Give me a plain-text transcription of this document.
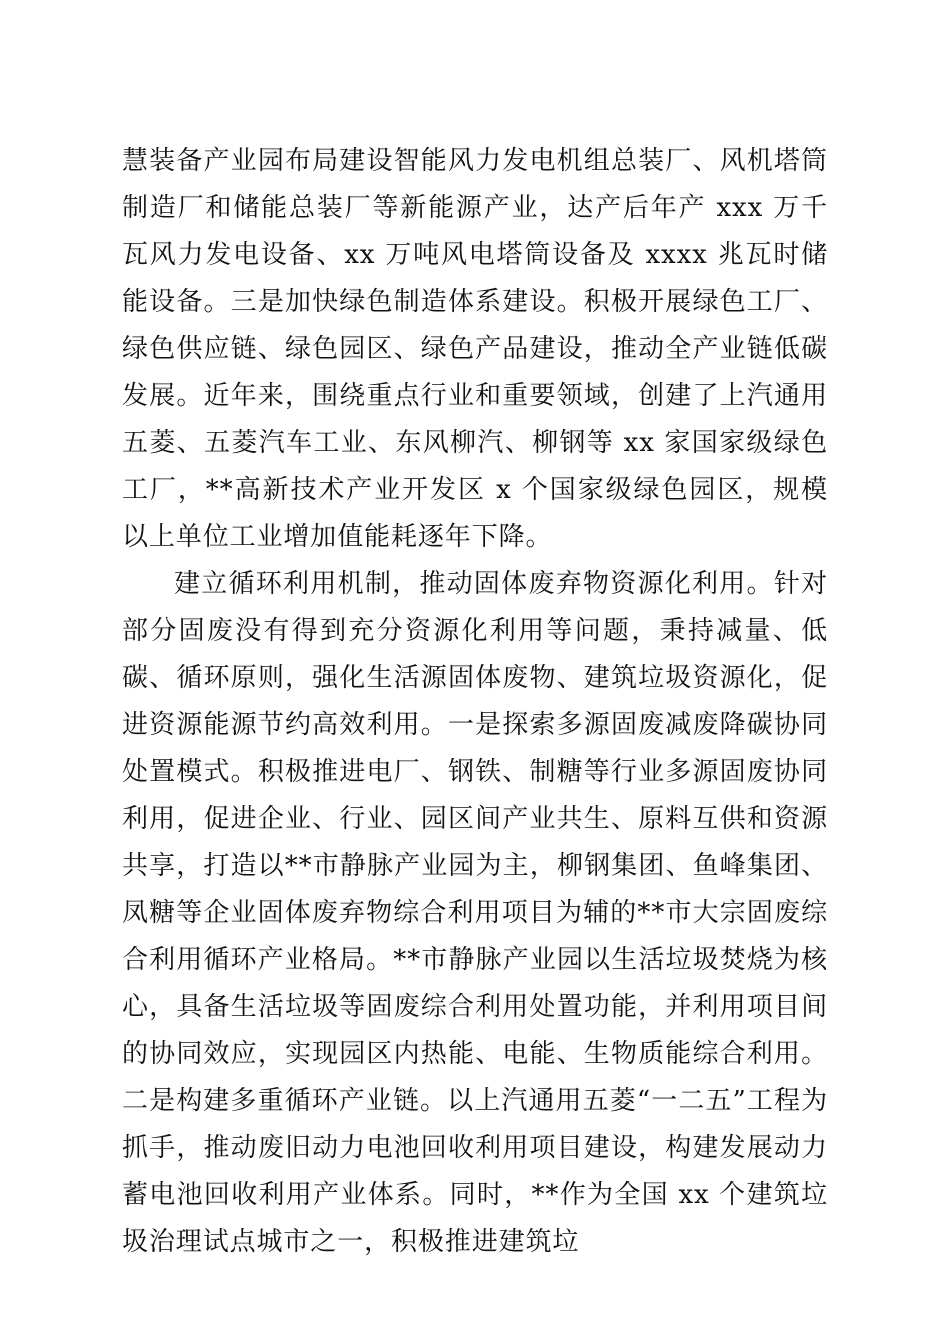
慧装备产业园布局建设智能风力发电机组总装厂、风机塔筒制造厂和储能总装厂等新能源产业，达产后年产 xxx 万千瓦风力发电设备、xx 万吨风电塔筒设备及 xxxx 兆瓦时储能设备。三是加快绿色制造体系建设。积极开展绿色工厂、绿色供应链、绿色园区、绿色产品建设，推动全产业链低碳发展。近年来，围绕重点行业和重要领域，创建了上汽通用五菱、五菱汽车工业、东风柳汽、柳钢等 xx 家国家级绿色工厂，**高新技术产业开发区 x 个国家级绿色园区，规模以上单位工业增加值能耗逐年下降。

建立循环利用机制，推动固体废弃物资源化利用。针对部分固废没有得到充分资源化利用等问题，秉持减量、低碳、循环原则，强化生活源固体废物、建筑垃圾资源化，促进资源能源节约高效利用。一是探索多源固废减废降碳协同处置模式。积极推进电厂、钢铁、制糖等行业多源固废协同利用，促进企业、行业、园区间产业共生、原料互供和资源共享，打造以**市静脉产业园为主，柳钢集团、鱼峰集团、凤糖等企业固体废弃物综合利用项目为辅的**市大宗固废综合利用循环产业格局。**市静脉产业园以生活垃圾焚烧为核心，具备生活垃圾等固废综合利用处置功能，并利用项目间的协同效应，实现园区内热能、电能、生物质能综合利用。二是构建多重循环产业链。以上汽通用五菱“一二五”工程为抓手，推动废旧动力电池回收利用项目建设，构建发展动力蓄电池回收利用产业体系。同时，**作为全国 xx 个建筑垃圾治理试点城市之一，积极推进建筑垃
